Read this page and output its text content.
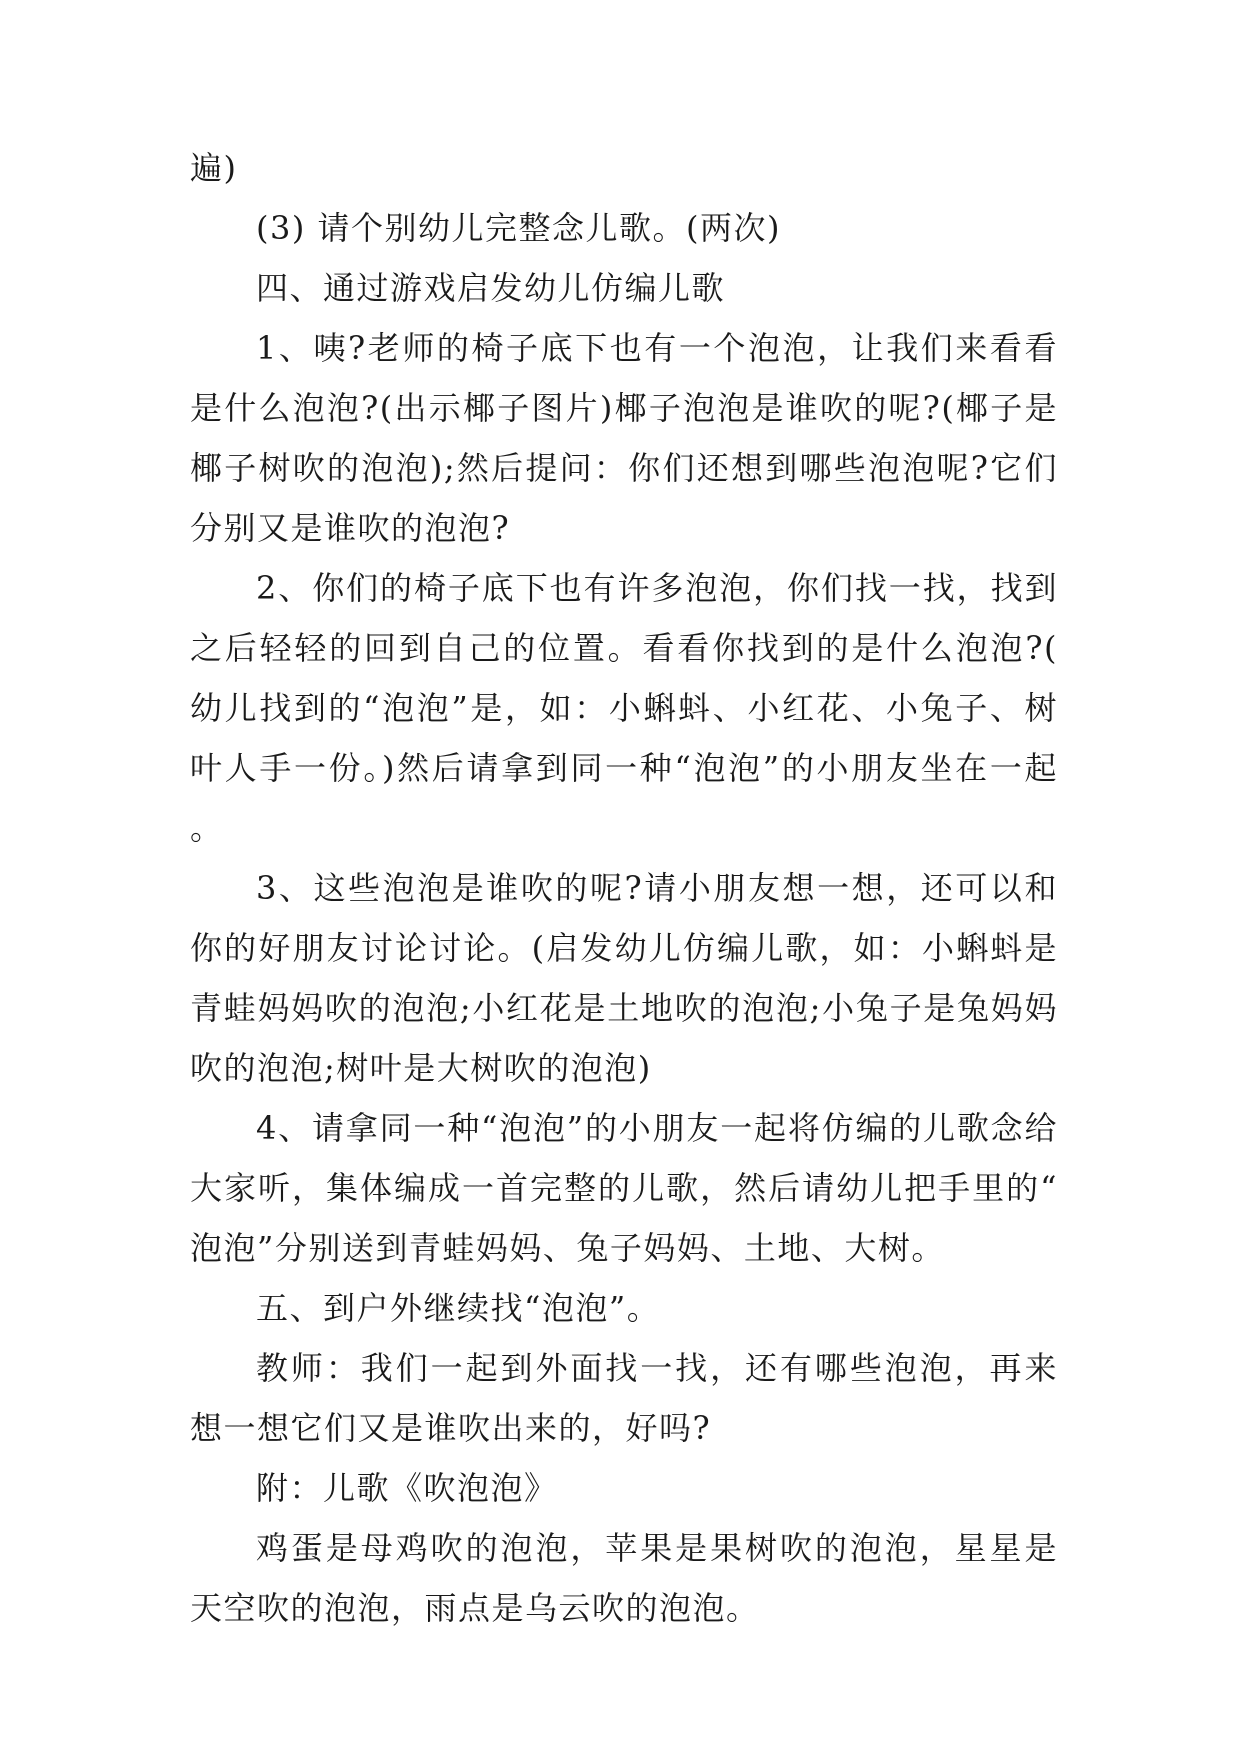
遍)

(3) 请个别幼儿完整念儿歌。(两次)

四、通过游戏启发幼儿仿编儿歌

1、咦?老师的椅子底下也有一个泡泡，让我们来看看是什么泡泡?(出示椰子图片)椰子泡泡是谁吹的呢?(椰子是椰子树吹的泡泡);然后提问：你们还想到哪些泡泡呢?它们分别又是谁吹的泡泡?

2、你们的椅子底下也有许多泡泡，你们找一找，找到之后轻轻的回到自己的位置。看看你找到的是什么泡泡?(幼儿找到的“泡泡”是，如：小蝌蚪、小红花、小兔子、树叶人手一份。)然后请拿到同一种“泡泡”的小朋友坐在一起。

3、这些泡泡是谁吹的呢?请小朋友想一想，还可以和你的好朋友讨论讨论。(启发幼儿仿编儿歌，如：小蝌蚪是青蛙妈妈吹的泡泡;小红花是土地吹的泡泡;小兔子是兔妈妈吹的泡泡;树叶是大树吹的泡泡)

4、请拿同一种“泡泡”的小朋友一起将仿编的儿歌念给大家听，集体编成一首完整的儿歌，然后请幼儿把手里的“泡泡”分别送到青蛙妈妈、兔子妈妈、土地、大树。

五、到户外继续找“泡泡”。

教师：我们一起到外面找一找，还有哪些泡泡，再来想一想它们又是谁吹出来的，好吗?

附：儿歌《吹泡泡》

鸡蛋是母鸡吹的泡泡，苹果是果树吹的泡泡，星星是天空吹的泡泡，雨点是乌云吹的泡泡。
